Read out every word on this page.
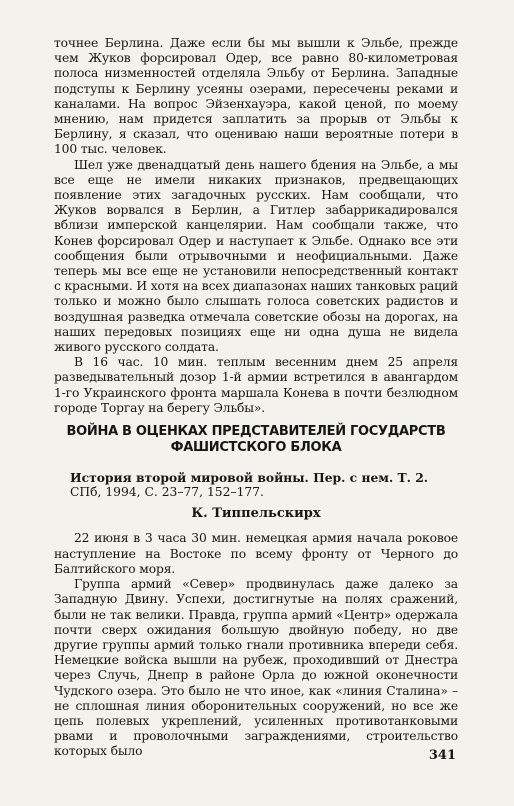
точнее Берлина. Даже если бы мы вышли к Эльбе, прежде чем Жуков форсировал Одер, все равно 80-километровая полоса низменностей отделяла Эльбу от Берлина. Западные подступы к Берлину усеяны озерами, пересечены реками и каналами. На вопрос Эйзенхауэра, какой ценой, по моему мнению, нам придется заплатить за прорыв от Эльбы к Берлину, я сказал, что оцениваю наши вероятные потери в 100 тыс. человек.

Шел уже двенадцатый день нашего бдения на Эльбе, а мы все еще не имели никаких признаков, предвещающих появление этих загадочных русских. Нам сообщали, что Жуков ворвался в Берлин, а Гитлер забаррикадировался вблизи имперской канцелярии. Нам сообщали также, что Конев форсировал Одер и наступает к Эльбе. Однако все эти сообщения были отрывочными и неофициальными. Даже теперь мы все еще не установили непосредственный контакт с красными. И хотя на всех диапазонах наших танковых раций только и можно было слышать голоса советских радистов и воздушная разведка отмечала советские обозы на дорогах, на наших передовых позициях еще ни одна душа не видела живого русского солдата.

В 16 час. 10 мин. теплым весенним днем 25 апреля разведывательный дозор 1-й армии встретился в авангардом 1-го Украинского фронта маршала Конева в почти безлюдном городе Торгау на берегу Эльбы».

ВОЙНА В ОЦЕНКАХ ПРЕДСТАВИТЕЛЕЙ ГОСУДАРСТВ ФАШИСТСКОГО БЛОКА
История второй мировой войны. Пер. с нем. Т. 2.
СПб, 1994, С. 23–77, 152–177.
К. Типпельскирх

22 июня в 3 часа 30 мин. немецкая армия начала роковое наступление на Востоке по всему фронту от Черного до Балтийского моря.

Группа армий «Север» продвинулась даже далеко за Западную Двину. Успехи, достигнутые на полях сражений, были не так велики. Правда, группа армий «Центр» одержала почти сверх ожидания большую двойную победу, но две другие группы армий только гнали противника впереди себя. Немецкие войска вышли на рубеж, проходивший от Днестра через Случь, Днепр в районе Орла до южной оконечности Чудского озера. Это было не что иное, как «линия Сталина» – не сплошная линия оборонительных сооружений, но все же цепь полевых укреплений, усиленных противотанковыми рвами и проволочными заграждениями, строительство которых было	341
